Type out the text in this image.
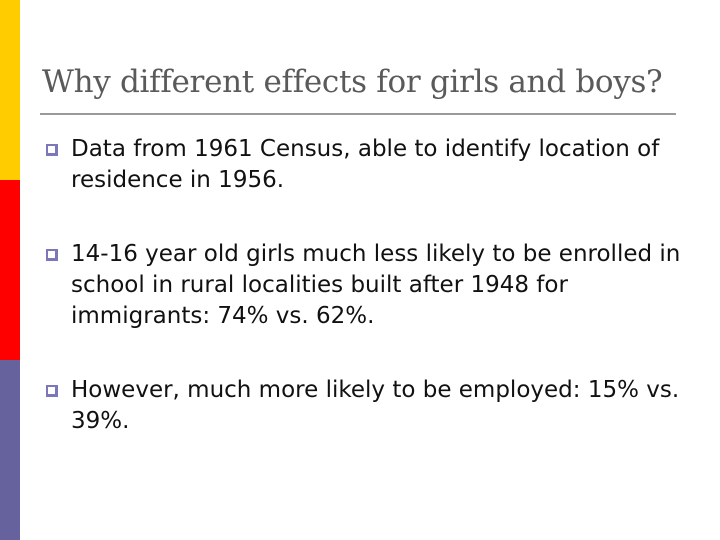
Why different effects for girls and boys?
Data from 1961 Census, able to identify location of residence in 1956.
14-16 year old girls much less likely to be enrolled in school in rural localities built after 1948 for immigrants: 74% vs. 62%.
However, much more likely to be employed: 15% vs. 39%.
